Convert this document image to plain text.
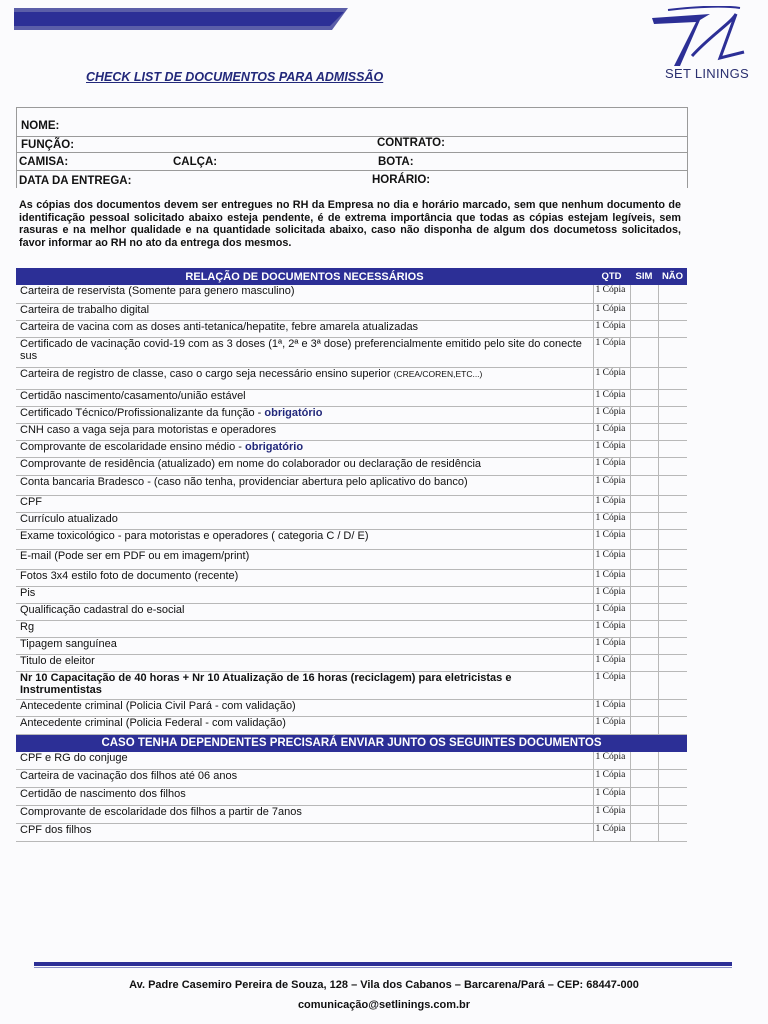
SET LININGS
CHECK LIST DE DOCUMENTOS PARA ADMISSÃO
NOME:
FUNÇÃO:	CONTRATO:
CAMISA:	CALÇA:	BOTA:
DATA DA ENTREGA:	HORÁRIO:
As cópias dos documentos devem ser entregues no RH da Empresa no dia e horário marcado, sem que nenhum documento de identificação pessoal solicitado abaixo esteja pendente, é de extrema importância que todas as cópias estejam legíveis, sem rasuras e na melhor qualidade e na quantidade solicitada abaixo, caso não disponha de algum dos documetoss solicitados, favor informar ao RH no ato da entrega dos mesmos.
RELAÇÃO DE DOCUMENTOS NECESSÁRIOS	QTD	SIM	NÃO
Carteira de reservista (Somente para genero masculino)	1 Cópia		
Carteira de trabalho digital	1 Cópia		
Carteira de vacina com as doses anti-tetanica/hepatite, febre amarela atualizadas	1 Cópia		
Certificado de vacinação covid-19 com as 3 doses (1ª, 2ª e 3ª dose) preferencialmente emitido pelo site do conecte sus	1 Cópia		
Carteira de registro de classe, caso o cargo seja necessário ensino superior (CREA/COREN,ETC...)	1 Cópia		
Certidão nascimento/casamento/união estável	1 Cópia		
Certificado Técnico/Profissionalizante da função - obrigatório	1 Cópia		
CNH caso a vaga seja para motoristas e operadores	1 Cópia		
Comprovante de escolaridade ensino médio - obrigatório	1 Cópia		
Comprovante de residência (atualizado) em nome do colaborador ou declaração de residência	1 Cópia		
Conta bancaria Bradesco - (caso não tenha, providenciar abertura pelo aplicativo do banco)	1 Cópia		
CPF	1 Cópia		
Currículo atualizado	1 Cópia		
Exame toxicológico - para motoristas e operadores ( categoria C / D/ E)	1 Cópia		
E-mail (Pode ser em PDF ou em imagem/print)	1 Cópia		
Fotos 3x4 estilo foto de documento (recente)	1 Cópia		
Pis	1 Cópia		
Qualificação cadastral do e-social	1 Cópia		
Rg	1 Cópia		
Tipagem sanguínea	1 Cópia		
Titulo de eleitor	1 Cópia		
Nr 10 Capacitação de 40 horas + Nr 10 Atualização de 16 horas (reciclagem) para eletricistas e Instrumentistas	1 Cópia		
Antecedente criminal (Policia Civil Pará - com validação)	1 Cópia		
Antecedente criminal (Policia Federal - com validação)	1 Cópia		
CASO TENHA DEPENDENTES PRECISARÁ ENVIAR JUNTO OS SEGUINTES DOCUMENTOS			
CPF e RG do conjuge	1 Cópia		
Carteira de vacinação dos filhos até 06 anos	1 Cópia		
Certidão de nascimento dos filhos	1 Cópia		
Comprovante de escolaridade dos filhos a partir de 7anos	1 Cópia		
CPF dos filhos	1 Cópia		
Av. Padre Casemiro Pereira de Souza, 128 – Vila dos Cabanos – Barcarena/Pará – CEP: 68447-000
comunicação@setlinings.com.br
